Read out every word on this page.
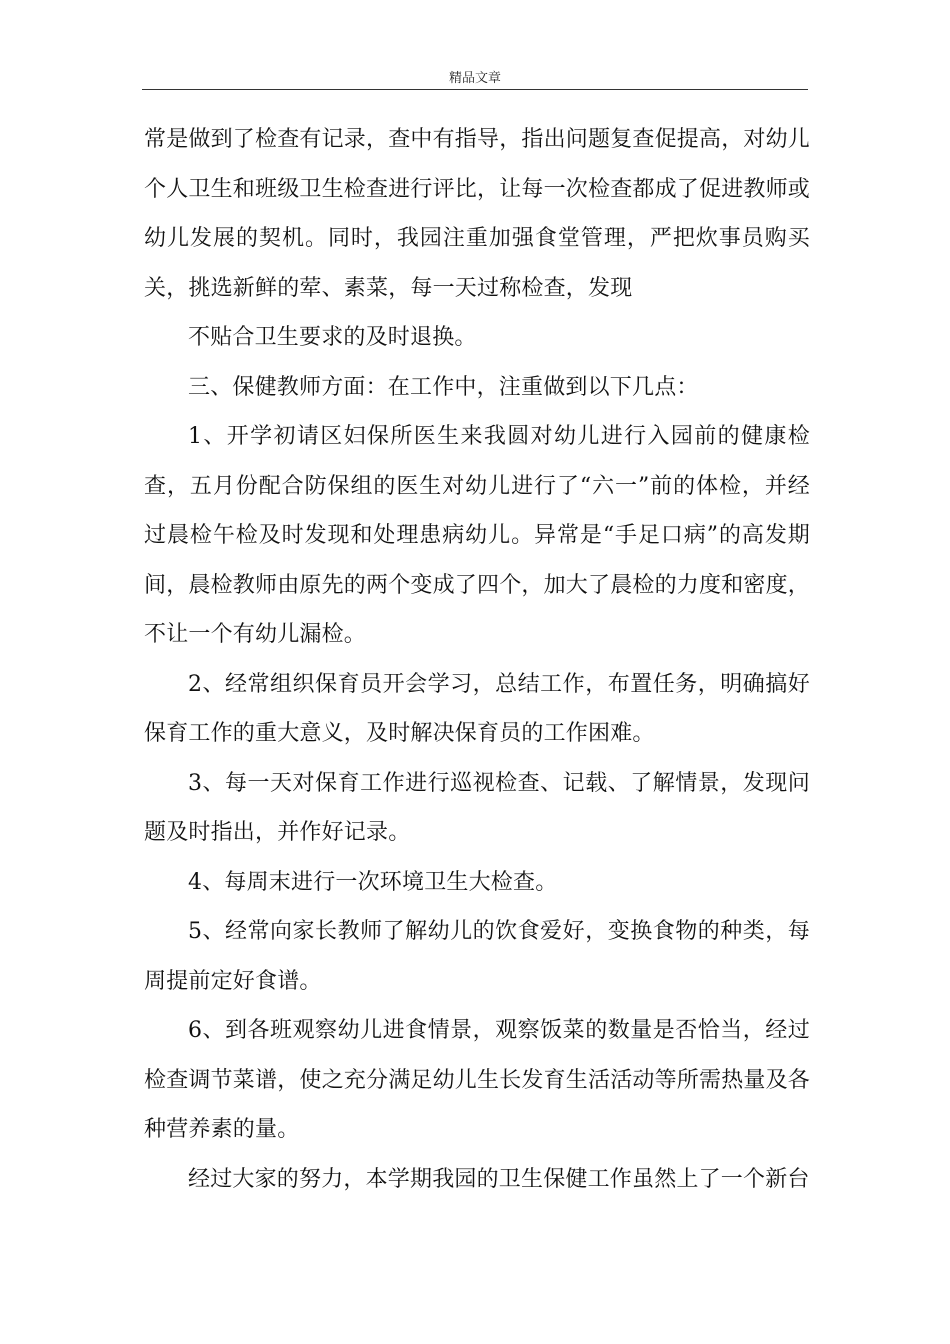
精品文章

常是做到了检查有记录，查中有指导，指出问题复查促提高，对幼儿个人卫生和班级卫生检查进行评比，让每一次检查都成了促进教师或幼儿发展的契机。同时，我园注重加强食堂管理，严把炊事员购买关，挑选新鲜的荤、素菜，每一天过称检查，发现

不贴合卫生要求的及时退换。

三、保健教师方面：在工作中，注重做到以下几点：

1、开学初请区妇保所医生来我圆对幼儿进行入园前的健康检查，五月份配合防保组的医生对幼儿进行了“六一”前的体检，并经过晨检午检及时发现和处理患病幼儿。异常是“手足口病”的高发期间，晨检教师由原先的两个变成了四个，加大了晨检的力度和密度，不让一个有幼儿漏检。

2、经常组织保育员开会学习，总结工作，布置任务，明确搞好保育工作的重大意义，及时解决保育员的工作困难。

3、每一天对保育工作进行巡视检查、记载、了解情景，发现问题及时指出，并作好记录。

4、每周末进行一次环境卫生大检查。

5、经常向家长教师了解幼儿的饮食爱好，变换食物的种类，每周提前定好食谱。

6、到各班观察幼儿进食情景，观察饭菜的数量是否恰当，经过检查调节菜谱，使之充分满足幼儿生长发育生活活动等所需热量及各种营养素的量。

经过大家的努力，本学期我园的卫生保健工作虽然上了一个新台
